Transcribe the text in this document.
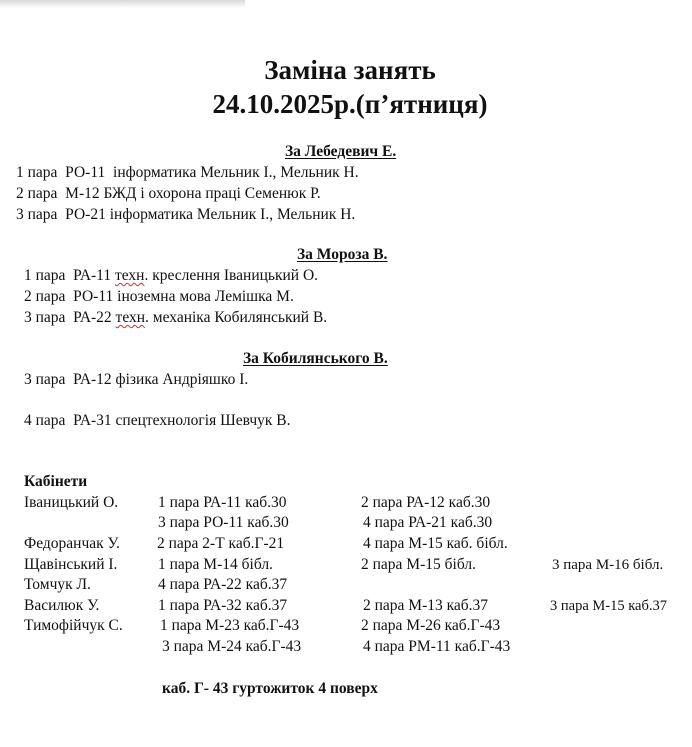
Заміна занять
24.10.2025р.(п’ятниця)
За Лебедевич Е.
1 пара  РО-11  інформатика Мельник І., Мельник Н.
2 пара  М-12 БЖД і охорона праці Семенюк Р.
3 пара  РО-21 інформатика Мельник І., Мельник Н.
За Мороза В.
1 пара  РА-11 техн. креслення Іваницький О.
2 пара  РО-11 іноземна мова Лемішка М.
3 пара  РА-22 техн. механіка Кобилянський В.
За Кобилянського В.
3 пара  РА-12 фізика Андріяшко І.
4 пара  РА-31 спецтехнологія Шевчук В.
Кабінети
Іваницький О.	1 пара РА-11 каб.30	2 пара РА-12 каб.30
3 пара РО-11 каб.30	4 пара РА-21 каб.30
Федоранчак У. 2 пара 2-Т каб.Г-21	4 пара М-15 каб. бібл.
Щавінський І.	1 пара М-14 бібл.	2 пара М-15 бібл.	3 пара М-16 бібл.
Томчук Л.	4 пара РА-22 каб.37
Василюк У.	1 пара РА-32 каб.37	2 пара М-13 каб.37	3 пара М-15 каб.37
Тимофійчук С. 1 пара М-23 каб.Г-43	2 пара М-26 каб.Г-43
3 пара М-24 каб.Г-43	4 пара РМ-11 каб.Г-43
каб. Г- 43 гуртожиток 4 поверх
